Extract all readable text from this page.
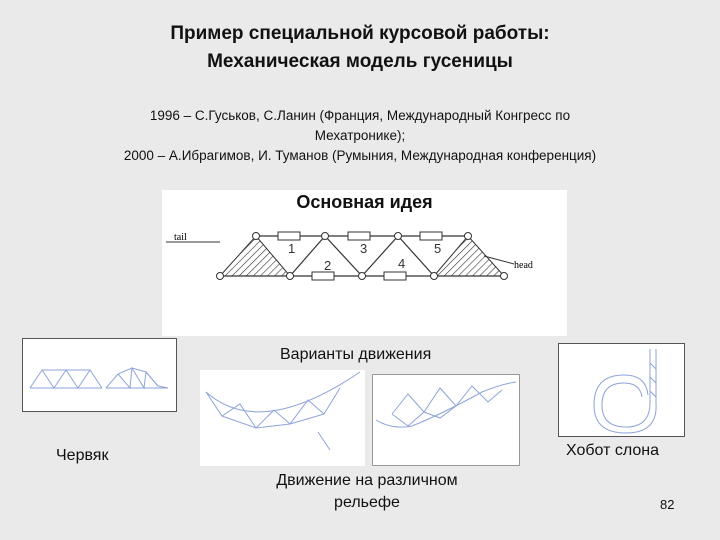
Пример специальной курсовой работы:
Механическая модель гусеницы
1996 – С.Гуськов, С.Ланин (Франция, Международный Конгресс по
Мехатронике);
2000 – А.Ибрагимов, И. Туманов (Румыния, Международная конференция)
Основная идея
tail
1
2
3
4
5
head
Варианты движения
Червяк	Хобот слона
Движение на различном
рельефе	82
